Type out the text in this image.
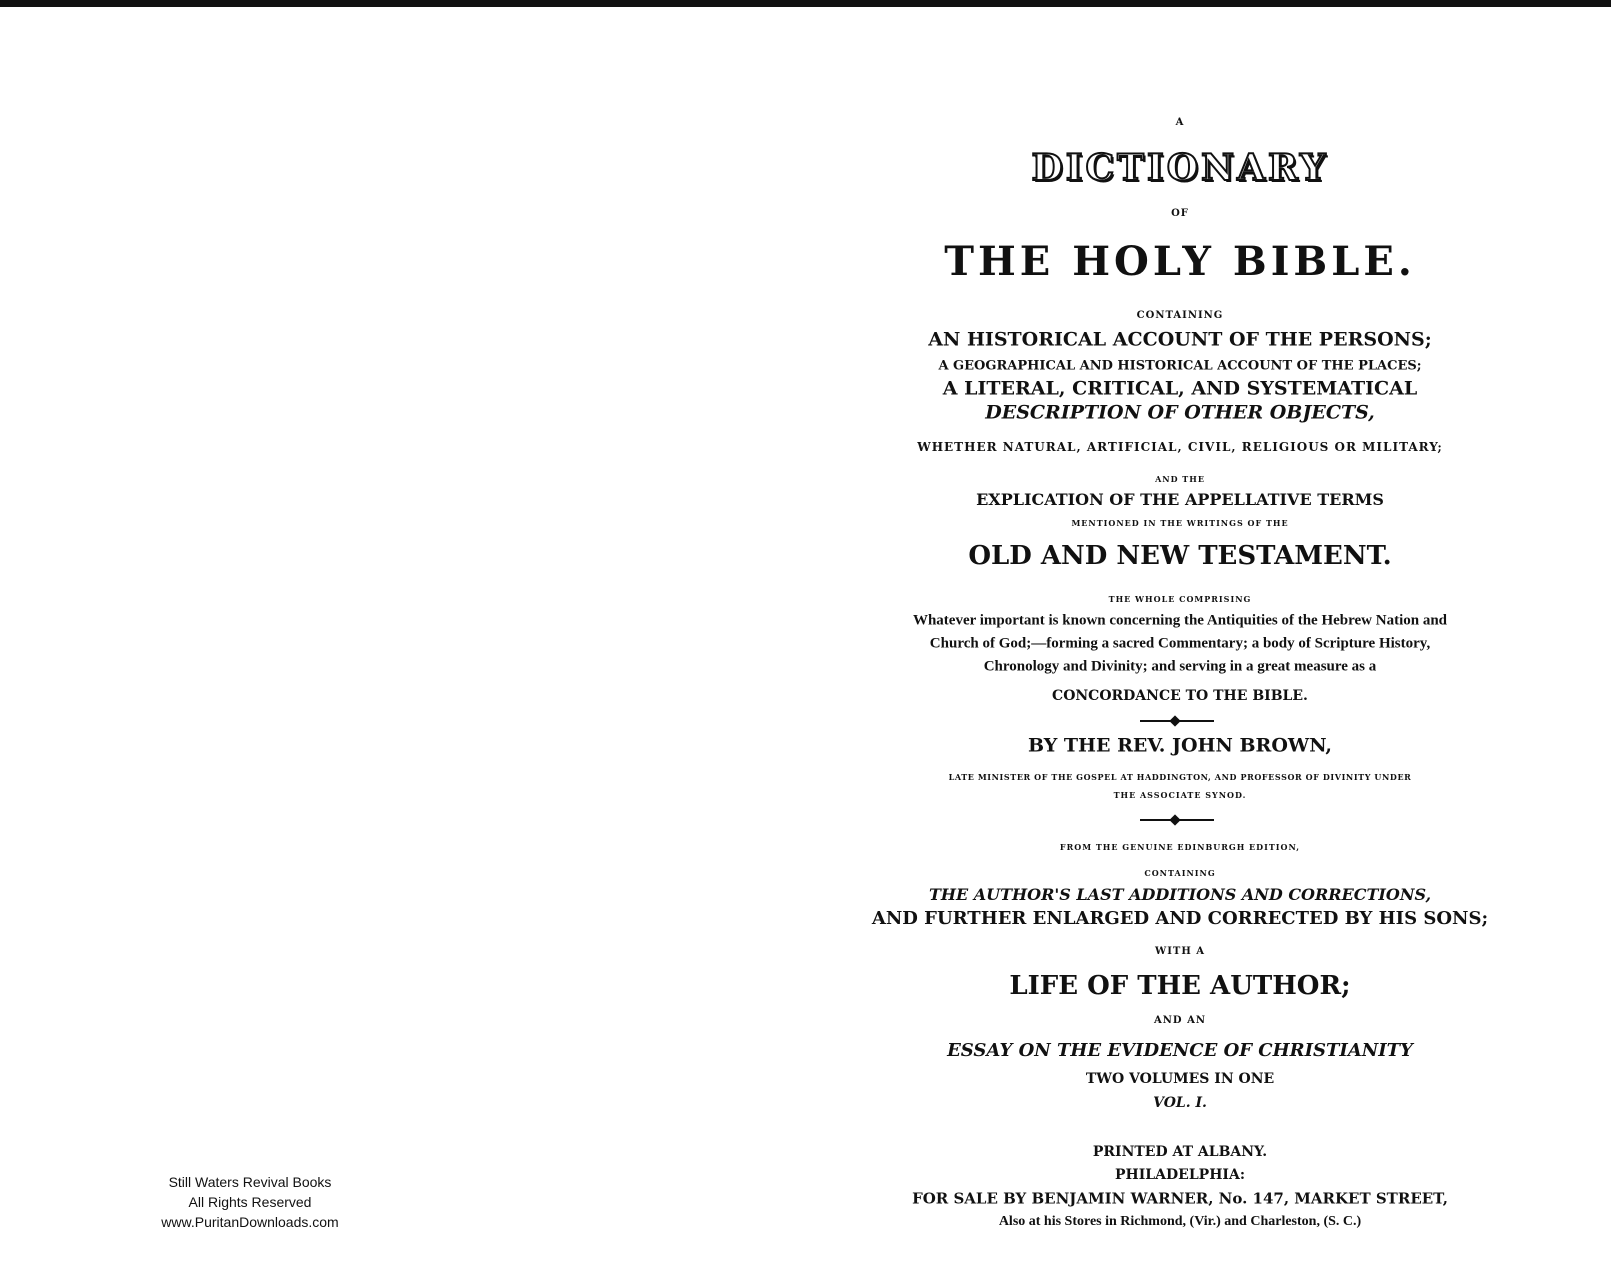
A
DICTIONARY
OF
THE HOLY BIBLE.
CONTAINING
AN HISTORICAL ACCOUNT OF THE PERSONS;
A GEOGRAPHICAL AND HISTORICAL ACCOUNT OF THE PLACES;
A LITERAL, CRITICAL, AND SYSTEMATICAL
DESCRIPTION OF OTHER OBJECTS,
WHETHER NATURAL, ARTIFICIAL, CIVIL, RELIGIOUS OR MILITARY;
AND THE
EXPLICATION OF THE APPELLATIVE TERMS
MENTIONED IN THE WRITINGS OF THE
OLD AND NEW TESTAMENT.
THE WHOLE COMPRISING
Whatever important is known concerning the Antiquities of the Hebrew Nation and
Church of God;—forming a sacred Commentary; a body of Scripture History,
Chronology and Divinity; and serving in a great measure as a
CONCORDANCE TO THE BIBLE.
BY THE REV. JOHN BROWN,
LATE MINISTER OF THE GOSPEL AT HADDINGTON, AND PROFESSOR OF DIVINITY UNDER
THE ASSOCIATE SYNOD.
FROM THE GENUINE EDINBURGH EDITION,
CONTAINING
THE AUTHOR'S LAST ADDITIONS AND CORRECTIONS,
AND FURTHER ENLARGED AND CORRECTED BY HIS SONS;
WITH A
LIFE OF THE AUTHOR;
AND AN
ESSAY ON THE EVIDENCE OF CHRISTIANITY
TWO VOLUMES IN ONE
VOL. I.
PRINTED AT ALBANY.
PHILADELPHIA:
FOR SALE BY BENJAMIN WARNER, No. 147, MARKET STREET,
Also at his Stores in Richmond, (Vir.) and Charleston, (S. C.)
Still Waters Revival Books
All Rights Reserved
www.PuritanDownloads.com
